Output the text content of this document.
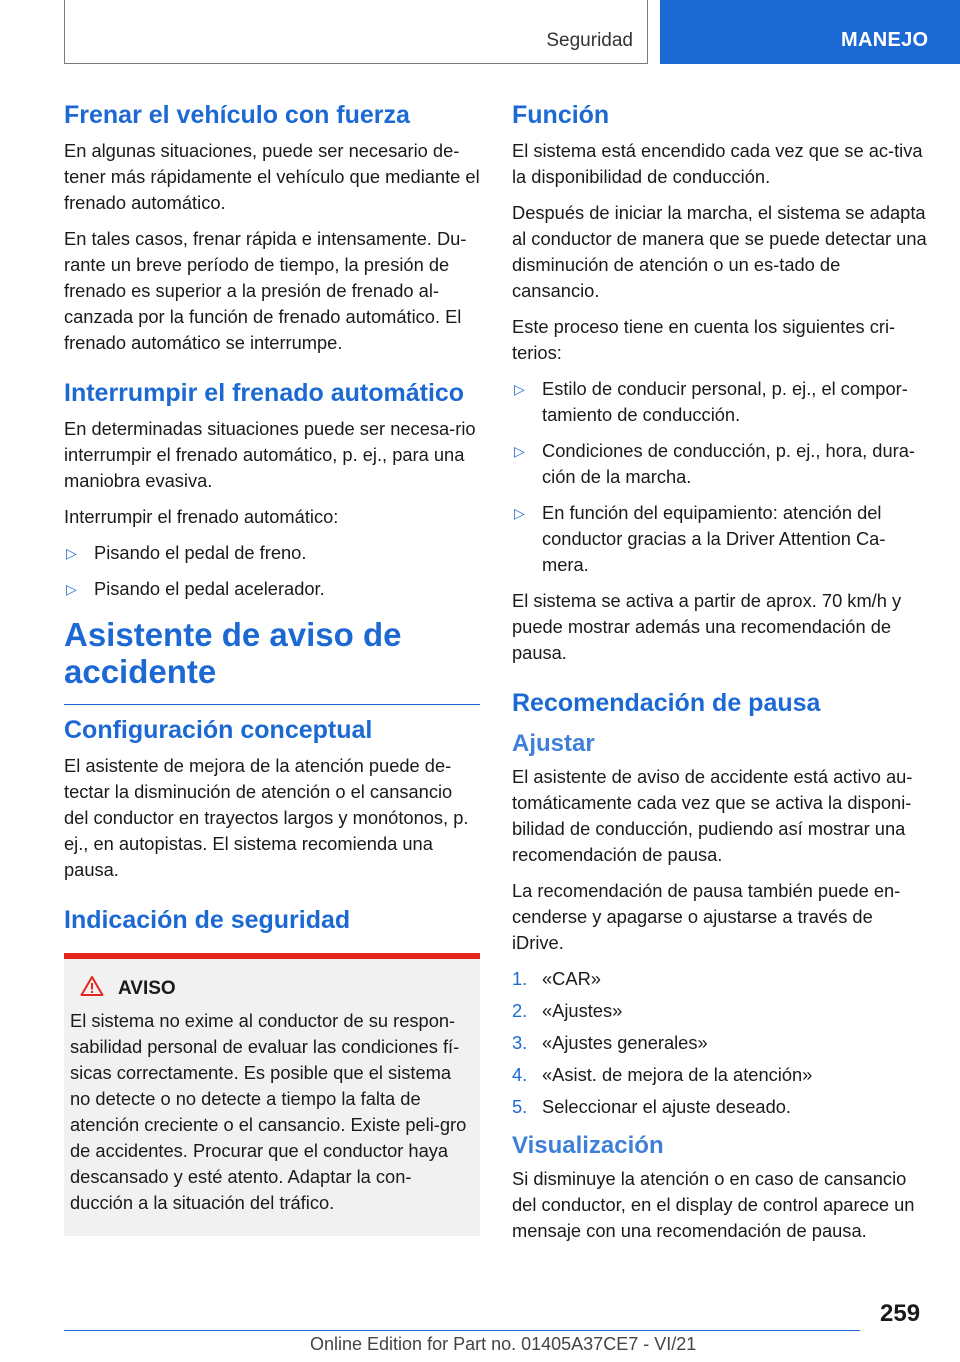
Seguridad	MANEJO
Frenar el vehículo con fuerza

En algunas situaciones, puede ser necesario de-tener más rápidamente el vehículo que mediante el frenado automático.

En tales casos, frenar rápida e intensamente. Du-rante un breve período de tiempo, la presión de frenado es superior a la presión de frenado al-canzada por la función de frenado automático. El frenado automático se interrumpe.

Interrumpir el frenado automático

En determinadas situaciones puede ser necesa-rio interrumpir el frenado automático, p. ej., para una maniobra evasiva.

Interrumpir el frenado automático:

▷ Pisando el pedal de freno.
▷ Pisando el pedal acelerador.
Asistente de aviso de accidente
Configuración conceptual

El asistente de mejora de la atención puede de-tectar la disminución de atención o el cansancio del conductor en trayectos largos y monótonos, p. ej., en autopistas. El sistema recomienda una pausa.

Indicación de seguridad
AVISO

El sistema no exime al conductor de su respon-sabilidad personal de evaluar las condiciones fí-sicas correctamente. Es posible que el sistema no detecte o no detecte a tiempo la falta de atención creciente o el cansancio. Existe peli-gro de accidentes. Procurar que el conductor haya descansado y esté atento. Adaptar la con-ducción a la situación del tráfico.

Función

El sistema está encendido cada vez que se ac-tiva la disponibilidad de conducción.

Después de iniciar la marcha, el sistema se adapta al conductor de manera que se puede detectar una disminución de atención o un es-tado de cansancio.

Este proceso tiene en cuenta los siguientes cri-terios:

▷ Estilo de conducir personal, p. ej., el compor-tamiento de conducción.
▷ Condiciones de conducción, p. ej., hora, dura-ción de la marcha.
▷ En función del equipamiento: atención del conductor gracias a la Driver Attention Ca-mera.

El sistema se activa a partir de aprox. 70 km/h y puede mostrar además una recomendación de pausa.

Recomendación de pausa
Ajustar

El asistente de aviso de accidente está activo au-tomáticamente cada vez que se activa la disponi-bilidad de conducción, pudiendo así mostrar una recomendación de pausa.

La recomendación de pausa también puede en-cenderse y apagarse o ajustarse a través de iDrive.

1. «CAR»
2. «Ajustes»
3. «Ajustes generales»
4. «Asist. de mejora de la atención»
5. Seleccionar el ajuste deseado.
Visualización

Si disminuye la atención o en caso de cansancio del conductor, en el display de control aparece un mensaje con una recomendación de pausa.

259
Online Edition for Part no. 01405A37CE7 - VI/21
